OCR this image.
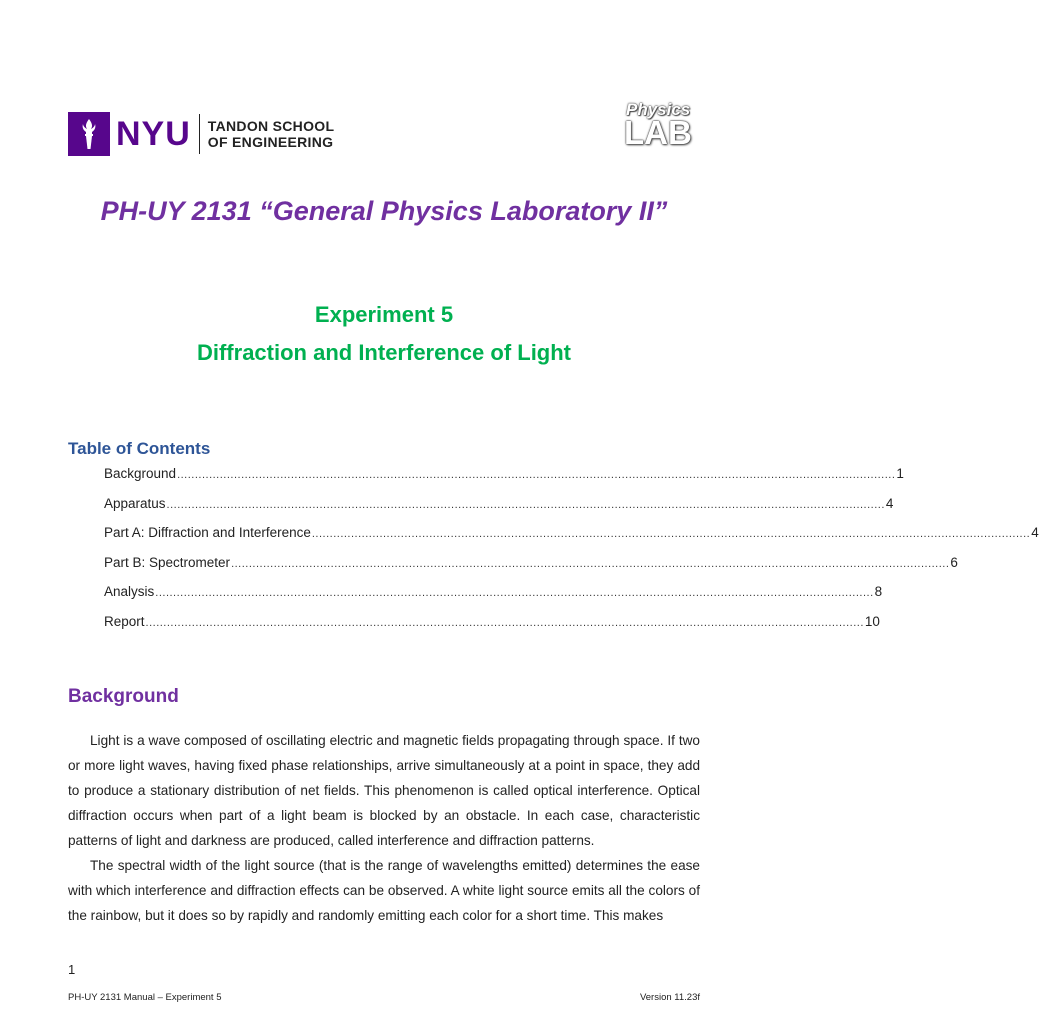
NYU TANDON SCHOOL
OF ENGINEERING
Physics
LAB
PH-UY 2131 “General Physics Laboratory II”
Experiment 5
Diffraction and Interference of Light
Table of Contents
Background .......................................................................................................................................................................................................... 1
Apparatus .......................................................................................................................................................................................................... 4
Part A: Diffraction and Interference .......................................................................................................................................................................................................... 4
Part B: Spectrometer .......................................................................................................................................................................................................... 6
Analysis .......................................................................................................................................................................................................... 8
Report .......................................................................................................................................................................................................... 10
Background

Light is a wave composed of oscillating electric and magnetic fields propagating through space. If two or more light waves, having fixed phase relationships, arrive simultaneously at a point in space, they add to produce a stationary distribution of net fields. This phenomenon is called optical interference. Optical diffraction occurs when part of a light beam is blocked by an obstacle. In each case, characteristic patterns of light and darkness are produced, called interference and diffraction patterns.

The spectral width of the light source (that is the range of wavelengths emitted) determines the ease with which interference and diffraction effects can be observed. A white light source emits all the colors of the rainbow, but it does so by rapidly and randomly emitting each color for a short time. This makes

1
PH-UY 2131 Manual – Experiment 5	Version 11.23f
